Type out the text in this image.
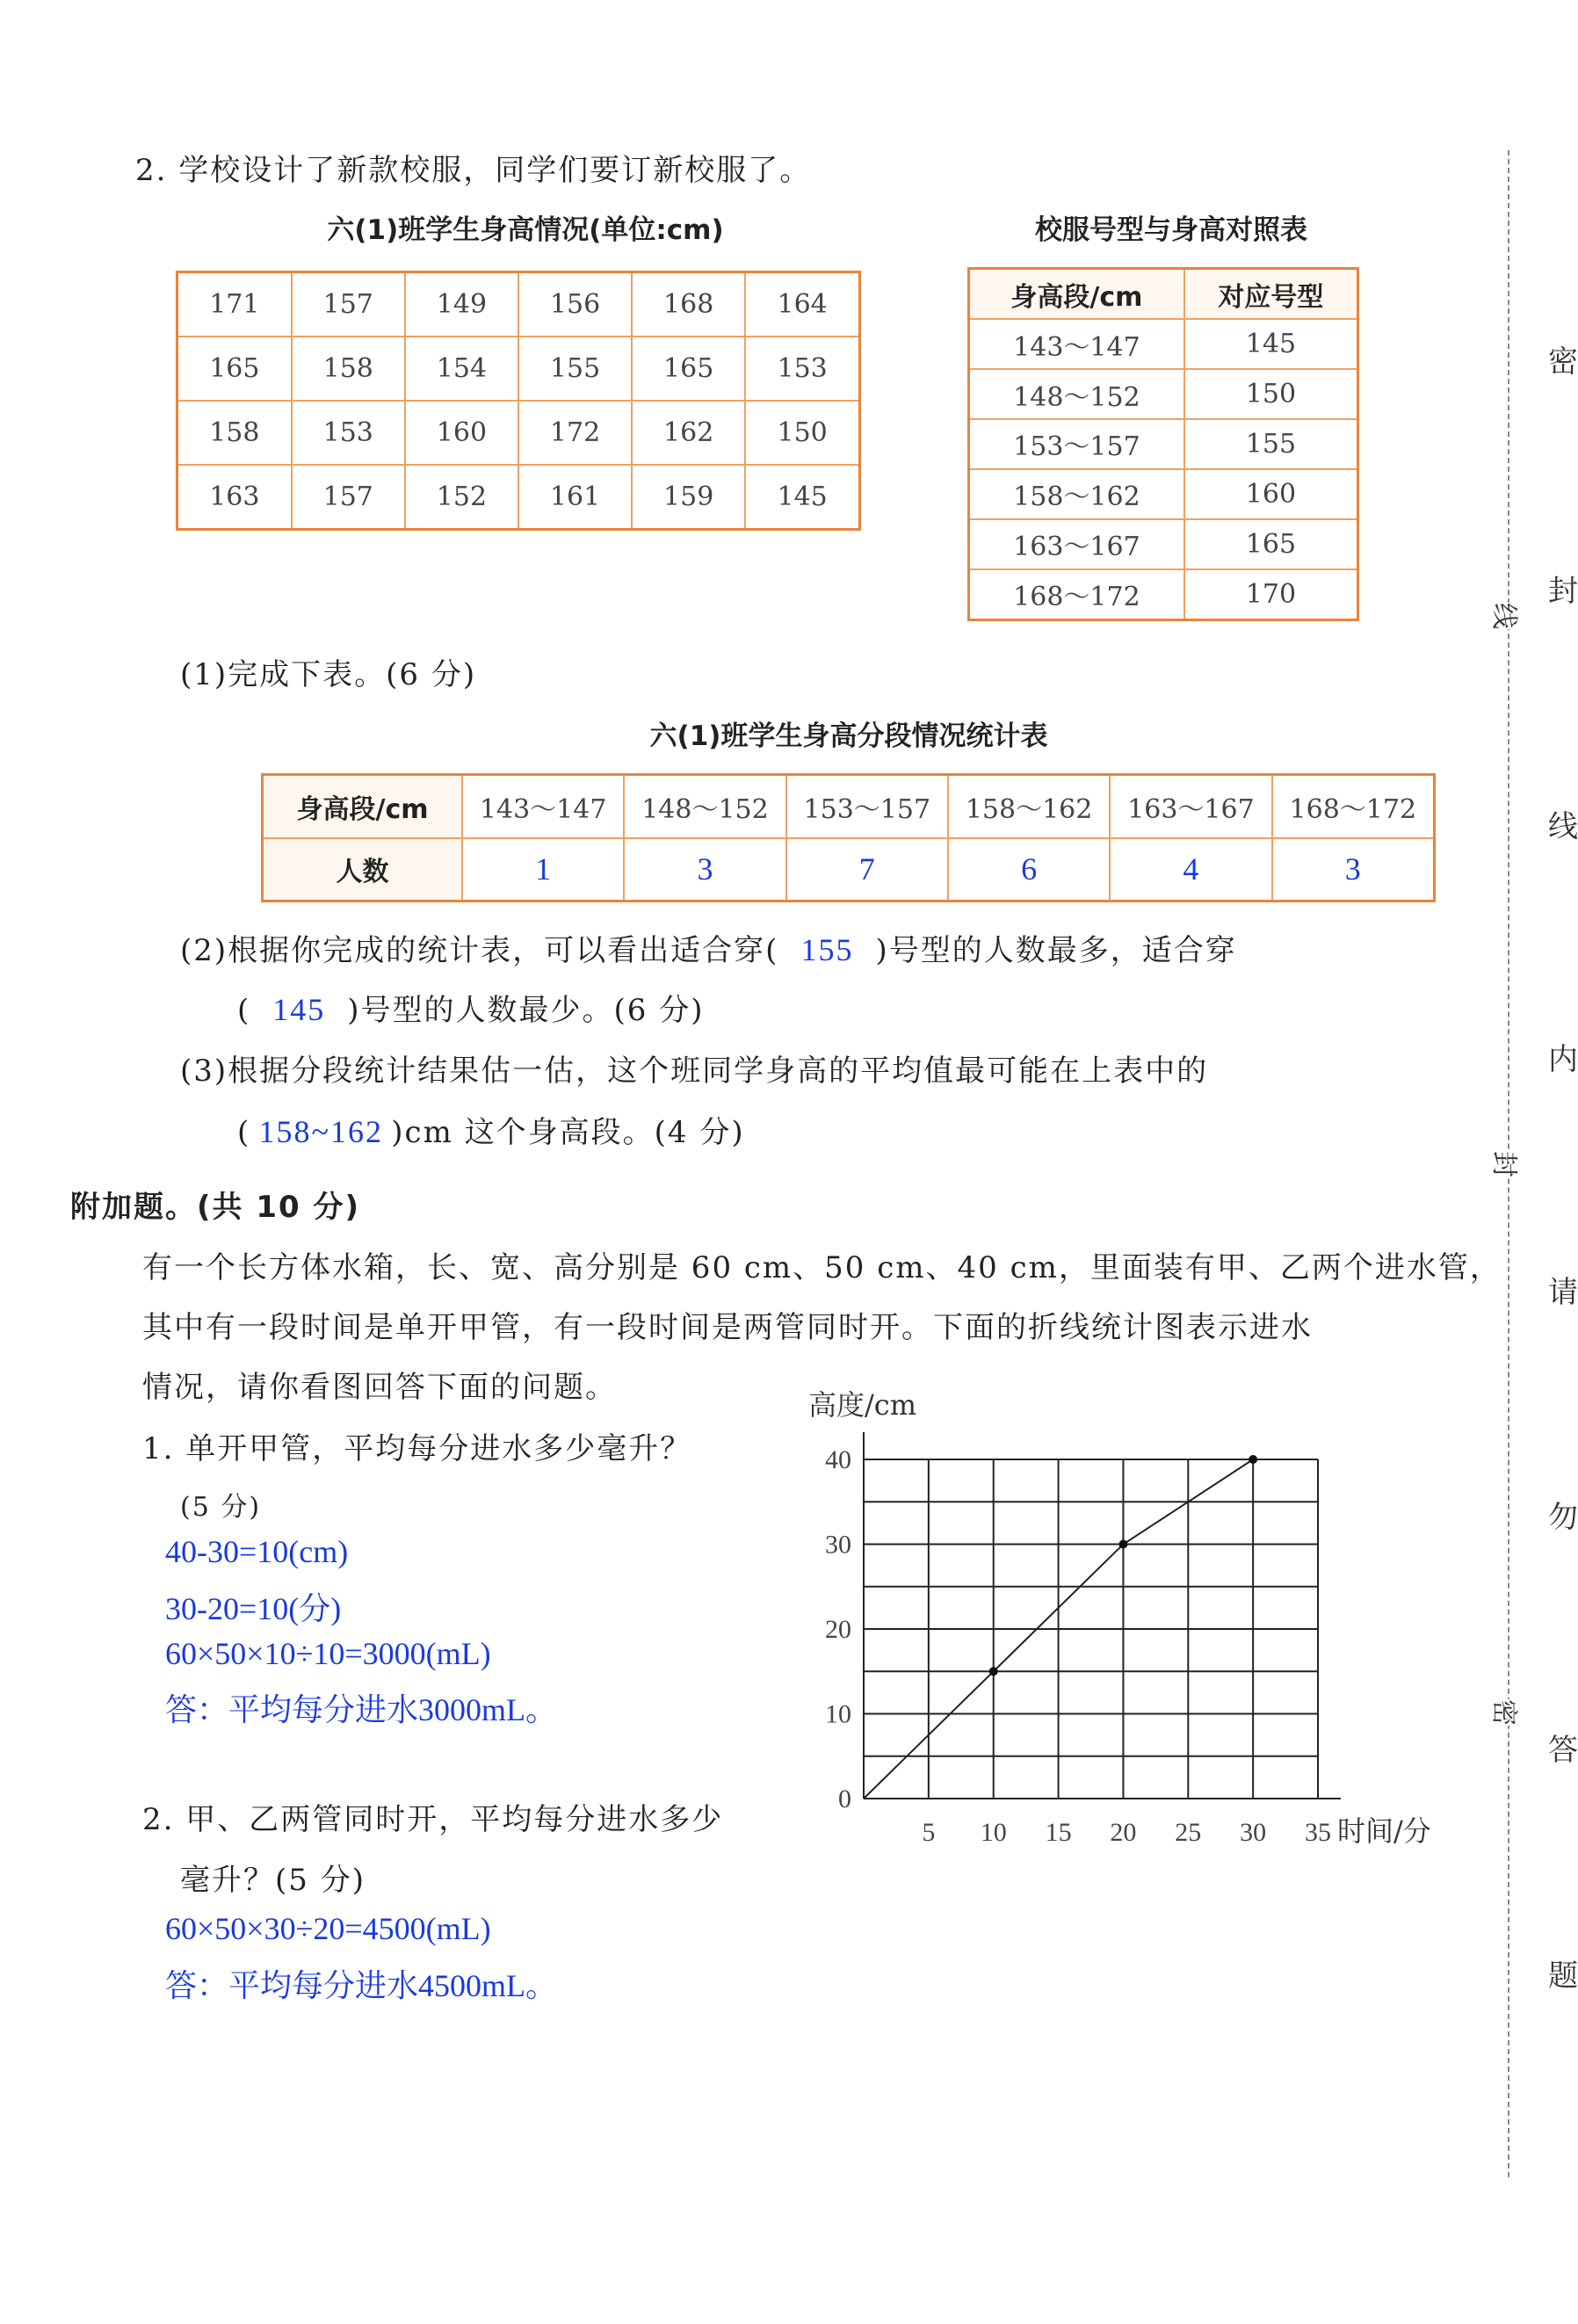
2. 学校设计了新款校服，同学们要订新校服了。
六(1)班学生身高情况(单位:cm)
171	157	149	156	168	164
165	158	154	155	165	153
158	153	160	172	162	150
163	157	152	161	159	145
校服号型与身高对照表
身高段/cm	对应号型
143～147	145
148～152	150
153～157	155
158～162	160
163～167	165
168～172	170
(1)完成下表。(6 分)
六(1)班学生身高分段情况统计表
身高段/cm	143～147	148～152	153～157	158～162	163～167	168～172
人数	1	3	7	6	4	3
(2)根据你完成的统计表，可以看出适合穿( 155 )号型的人数最多，适合穿
( 145 )号型的人数最少。(6 分)
(3)根据分段统计结果估一估，这个班同学身高的平均值最可能在上表中的
( 158~162 )cm 这个身高段。(4 分)
附加题。(共 10 分)
有一个长方体水箱，长、宽、高分别是 60 cm、50 cm、40 cm，里面装有甲、乙两个进水管，
其中有一段时间是单开甲管，有一段时间是两管同时开。下面的折线统计图表示进水
情况，请你看图回答下面的问题。
1. 单开甲管，平均每分进水多少毫升？
(5 分)
40-30=10(cm)
30-20=10(分)
60×50×10÷10=3000(mL)
答：平均每分进水3000mL。
2. 甲、乙两管同时开，平均每分进水多少
毫升？(5 分)
60×50×30÷20=4500(mL)
答：平均每分进水4500mL。
0
10
20
30
40
5 10 15 20 25 30 35 时间/分
高度/cm
密
封
线
内
请
勿
答
题
线
封
密
